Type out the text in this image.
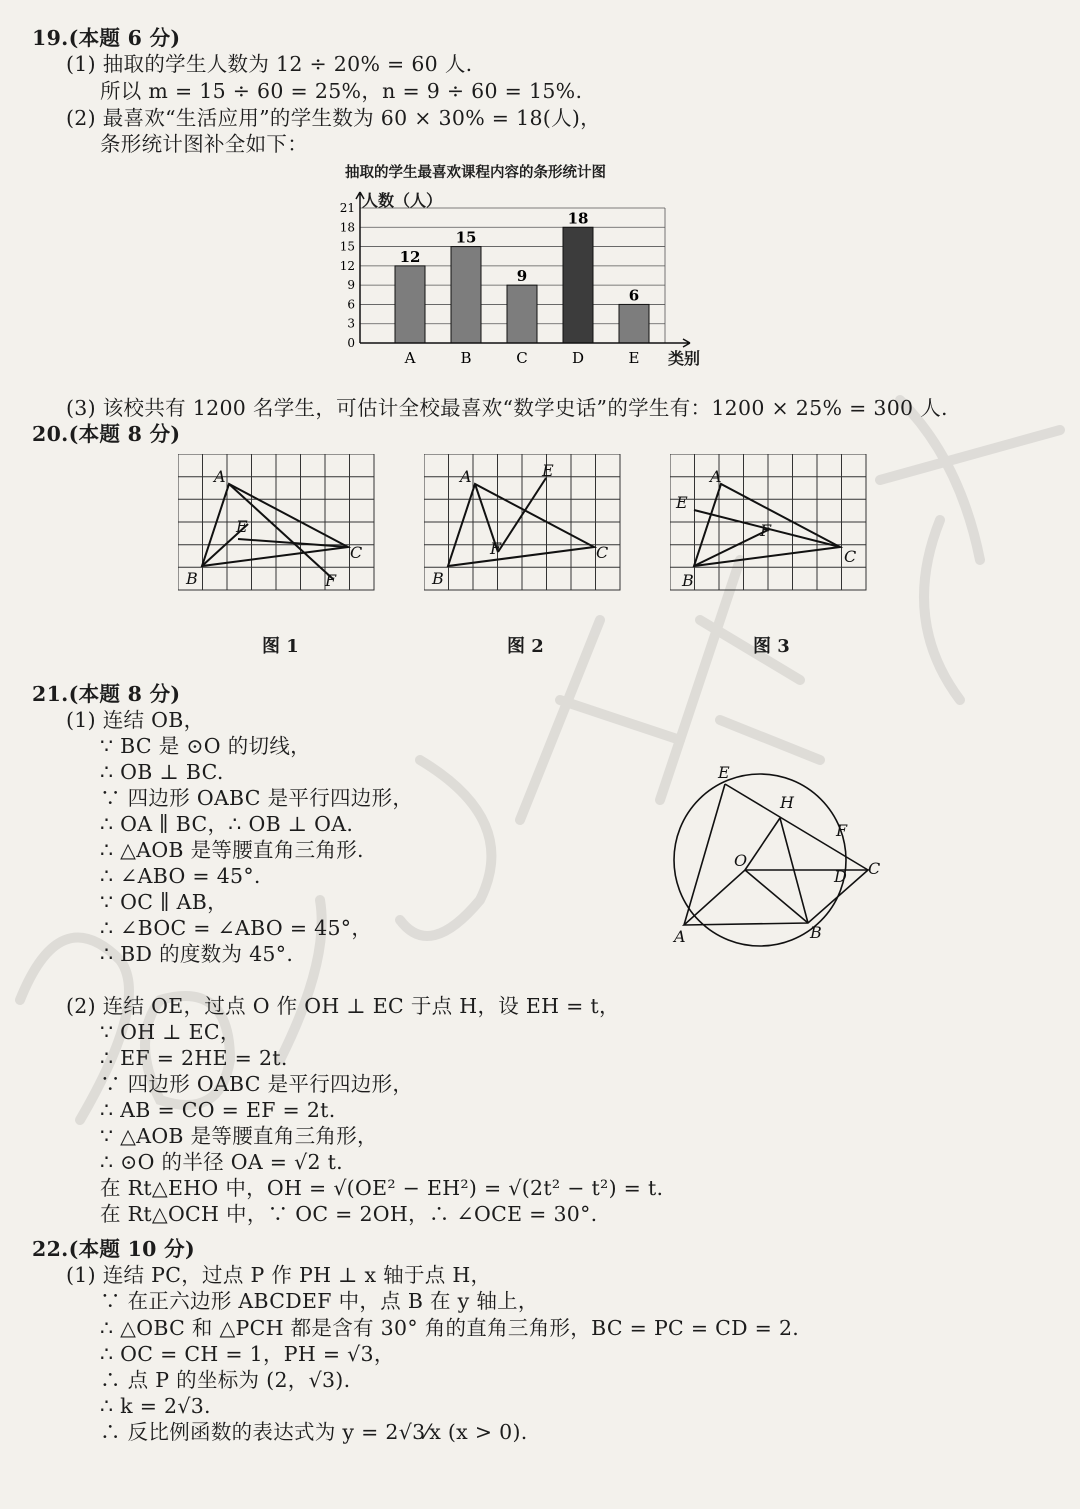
2019金华中考
19.(本题 6 分)
(1) 抽取的学生人数为 12 ÷ 20% = 60 人.
所以 m = 15 ÷ 60 = 25%，n = 9 ÷ 60 = 15%.
(2) 最喜欢“生活应用”的学生数为 60 × 30% = 18(人)，
条形统计图补全如下：
抽取的学生最喜欢课程内容的条形统计图
12
A
15
B
9
C
18
D
6
E
0
3
6
9
12
15
18
21 人数（人）
类别
(3) 该校共有 1200 名学生，可估计全校最喜欢“数学史话”的学生有：1200 × 25% = 300 人.
20.(本题 8 分)
A
B
C
E
F
图 1
A
B
C
E
F
图 2
A
B
C
E
F
图 3
21.(本题 8 分)
(1) 连结 OB，
∵ BC 是 ⊙O 的切线，
∴ OB ⊥ BC.
∵ 四边形 OABC 是平行四边形，
∴ OA ∥ BC，∴ OB ⊥ OA.
∴ △AOB 是等腰直角三角形.
∴ ∠ABO = 45°.
∵ OC ∥ AB，
∴ ∠BOC = ∠ABO = 45°，
∴ BD 的度数为 45°.
(2) 连结 OE，过点 O 作 OH ⊥ EC 于点 H，设 EH = t，
∵ OH ⊥ EC，
∴ EF = 2HE = 2t.
∵ 四边形 OABC 是平行四边形，
∴ AB = CO = EF = 2t.
∵ △AOB 是等腰直角三角形，
∴ ⊙O 的半径 OA = √2 t.
在 Rt△EHO 中，OH = √(OE² − EH²) = √(2t² − t²) = t.
在 Rt△OCH 中，∵ OC = 2OH，∴ ∠OCE = 30°.
E
H
F
O
D C
A	B
22.(本题 10 分)
(1) 连结 PC，过点 P 作 PH ⊥ x 轴于点 H，
∵ 在正六边形 ABCDEF 中，点 B 在 y 轴上，
∴ △OBC 和 △PCH 都是含有 30° 角的直角三角形，BC = PC = CD = 2.
∴ OC = CH = 1，PH = √3，
∴ 点 P 的坐标为 (2，√3).
∴ k = 2√3.
∴ 反比例函数的表达式为 y = 2√3⁄x (x > 0).
